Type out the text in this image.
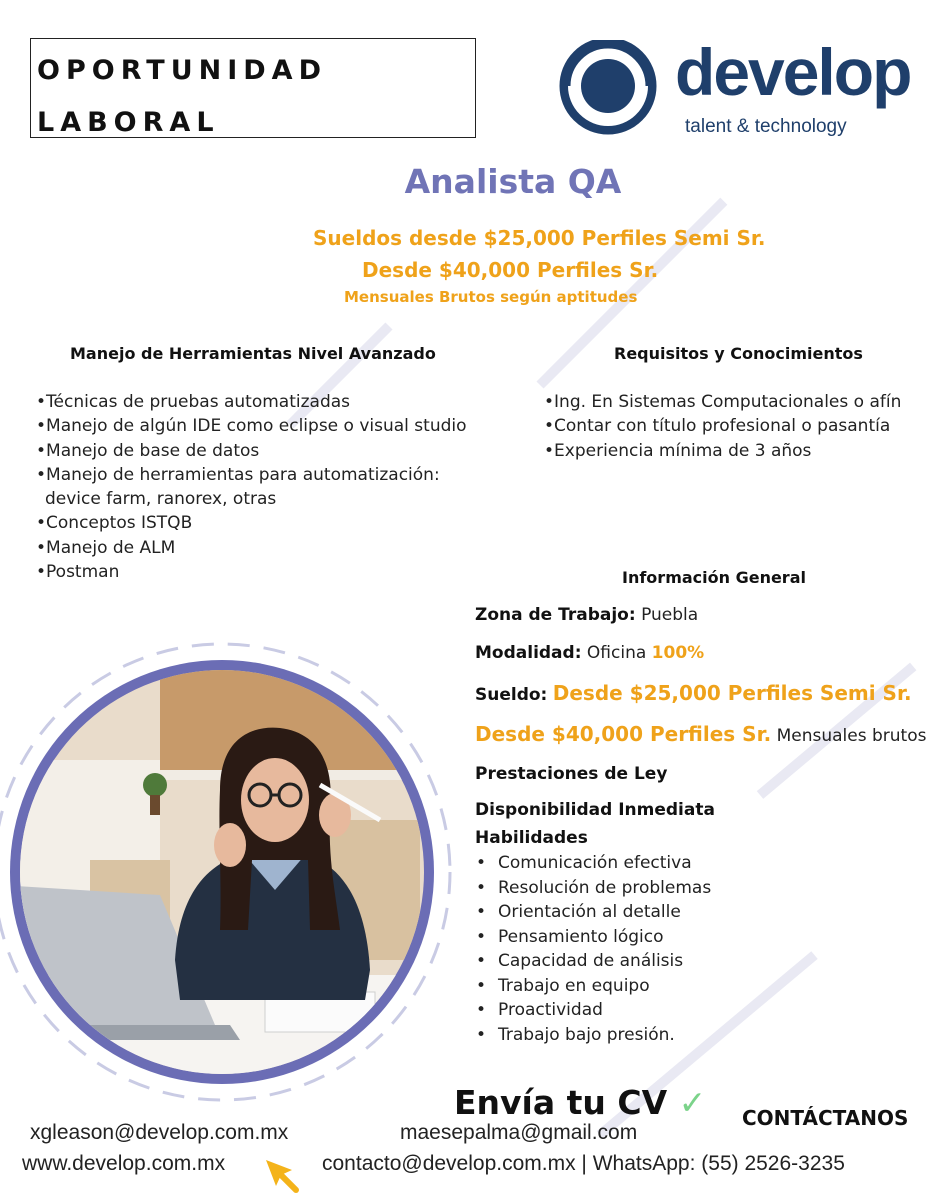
OPORTUNIDAD
LABORAL
develop
talent & technology
Analista QA
Sueldos desde $25,000 Perfiles Semi Sr.
Desde $40,000 Perfiles Sr.
Mensuales Brutos según aptitudes
Manejo de Herramientas Nivel Avanzado
•Técnicas de pruebas automatizadas
•Manejo de algún IDE como eclipse o visual studio
•Manejo de base de datos
•Manejo de herramientas para automatización:
device farm, ranorex, otras
•Conceptos ISTQB
•Manejo de ALM
•Postman
Requisitos y Conocimientos
•Ing. En Sistemas Computacionales o afín
•Contar con título profesional o pasantía
•Experiencia mínima de 3 años
Información General
Zona de Trabajo: Puebla
Modalidad: Oficina 100%
Sueldo: Desde $25,000 Perfiles Semi Sr.
Desde $40,000 Perfiles Sr. Mensuales brutos
Prestaciones de Ley
Disponibilidad Inmediata
Habilidades
• Comunicación efectiva
• Resolución de problemas
• Orientación al detalle
• Pensamiento lógico
• Capacidad de análisis
• Trabajo en equipo
• Proactividad
• Trabajo bajo presión.
Envía tu CV ✓ CONTÁCTANOS
xgleason@develop.com.mx	maesepalma@gmail.com
www.develop.com.mx	contacto@develop.com.mx | WhatsApp: (55) 2526-3235
